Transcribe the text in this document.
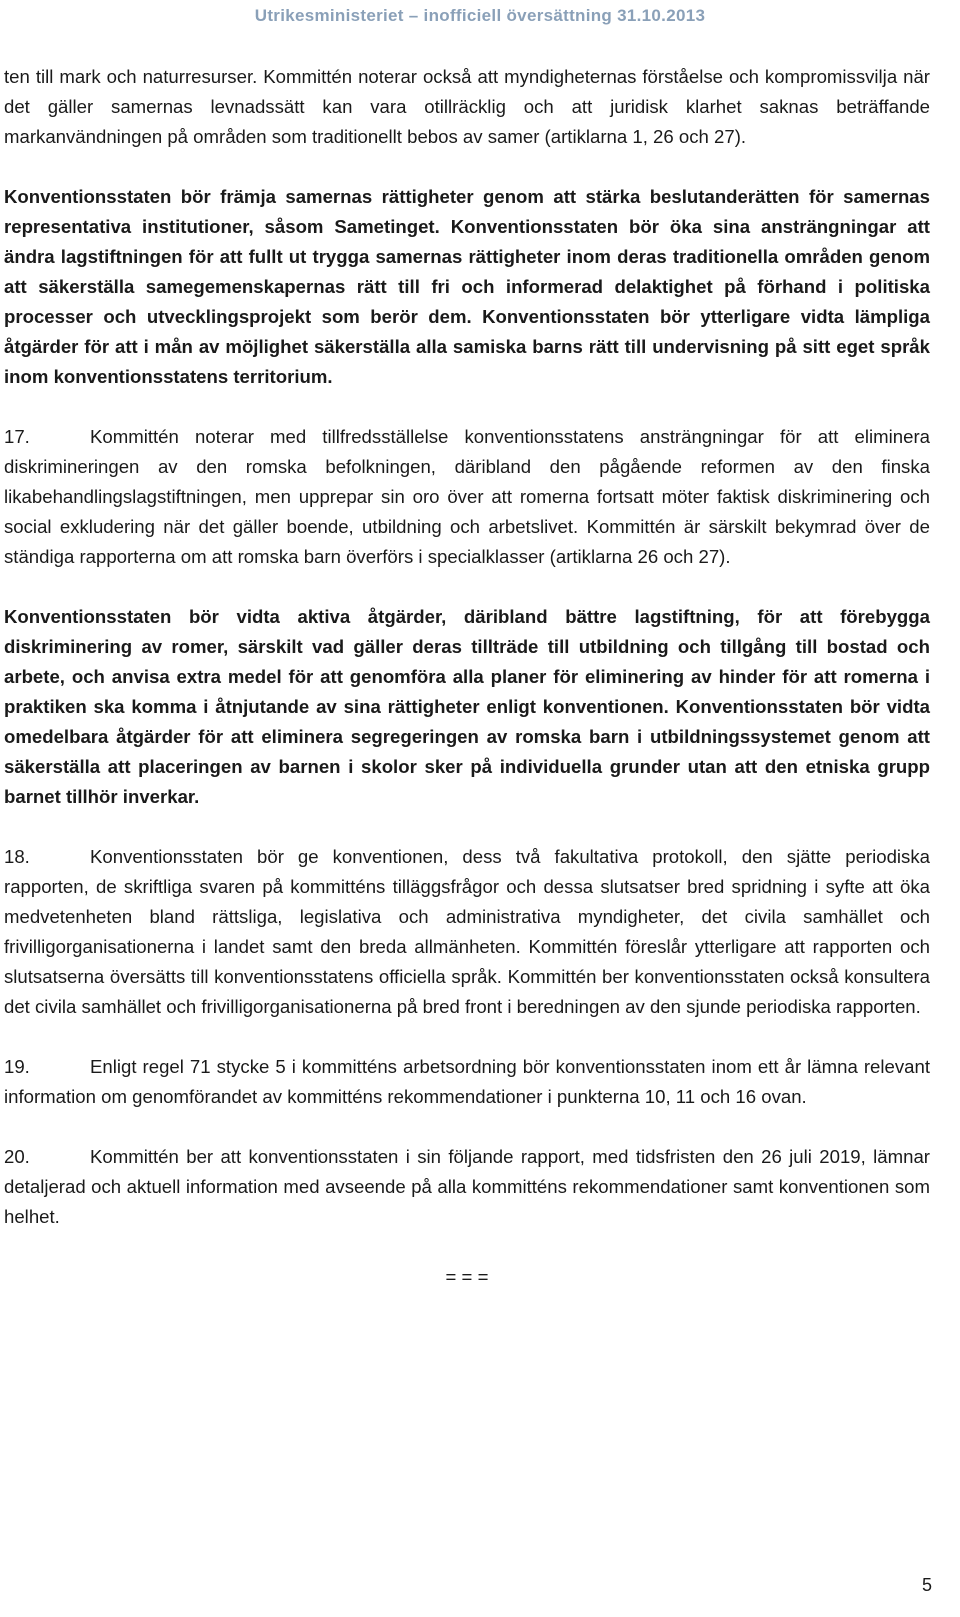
Utrikesministeriet – inofficiell översättning 31.10.2013

ten till mark och naturresurser. Kommittén noterar också att myndigheternas förståelse och kompromissvilja när det gäller samernas levnadssätt kan vara otillräcklig och att juridisk klarhet saknas beträffande markanvändningen på områden som traditionellt bebos av samer (artiklarna 1, 26 och 27).

Konventionsstaten bör främja samernas rättigheter genom att stärka beslutanderätten för samernas representativa institutioner, såsom Sametinget. Konventionsstaten bör öka sina ansträngningar att ändra lagstiftningen för att fullt ut trygga samernas rättigheter inom deras traditionella områden genom att säkerställa samegemenskapernas rätt till fri och informerad delaktighet på förhand i politiska processer och utvecklingsprojekt som berör dem. Konventionsstaten bör ytterligare vidta lämpliga åtgärder för att i mån av möjlighet säkerställa alla samiska barns rätt till undervisning på sitt eget språk inom konventionsstatens territorium.

17.	Kommittén noterar med tillfredsställelse konventionsstatens ansträngningar för att eliminera diskrimineringen av den romska befolkningen, däribland den pågående reformen av den finska likabehandlingslagstiftningen, men upprepar sin oro över att romerna fortsatt möter faktisk diskriminering och social exkludering när det gäller boende, utbildning och arbetslivet. Kommittén är särskilt bekymrad över de ständiga rapporterna om att romska barn överförs i specialklasser (artiklarna 26 och 27).

Konventionsstaten bör vidta aktiva åtgärder, däribland bättre lagstiftning, för att förebygga diskriminering av romer, särskilt vad gäller deras tillträde till utbildning och tillgång till bostad och arbete, och anvisa extra medel för att genomföra alla planer för eliminering av hinder för att romerna i praktiken ska komma i åtnjutande av sina rättigheter enligt konventionen. Konventionsstaten bör vidta omedelbara åtgärder för att eliminera segregeringen av romska barn i utbildningssystemet genom att säkerställa att placeringen av barnen i skolor sker på individuella grunder utan att den etniska grupp barnet tillhör inverkar.

18.	Konventionsstaten bör ge konventionen, dess två fakultativa protokoll, den sjätte periodiska rapporten, de skriftliga svaren på kommitténs tilläggsfrågor och dessa slutsatser bred spridning i syfte att öka medvetenheten bland rättsliga, legislativa och administrativa myndigheter, det civila samhället och frivilligorganisationerna i landet samt den breda allmänheten. Kommittén föreslår ytterligare att rapporten och slutsatserna översätts till konventionsstatens officiella språk. Kommittén ber konventionsstaten också konsultera det civila samhället och frivilligorganisationerna på bred front i beredningen av den sjunde periodiska rapporten.

19.	Enligt regel 71 stycke 5 i kommitténs arbetsordning bör konventionsstaten inom ett år lämna relevant information om genomförandet av kommitténs rekommendationer i punkterna 10, 11 och 16 ovan.

20.	Kommittén ber att konventionsstaten i sin följande rapport, med tidsfristen den 26 juli 2019, lämnar detaljerad och aktuell information med avseende på alla kommitténs rekommendationer samt konventionen som helhet.

= = =
5
